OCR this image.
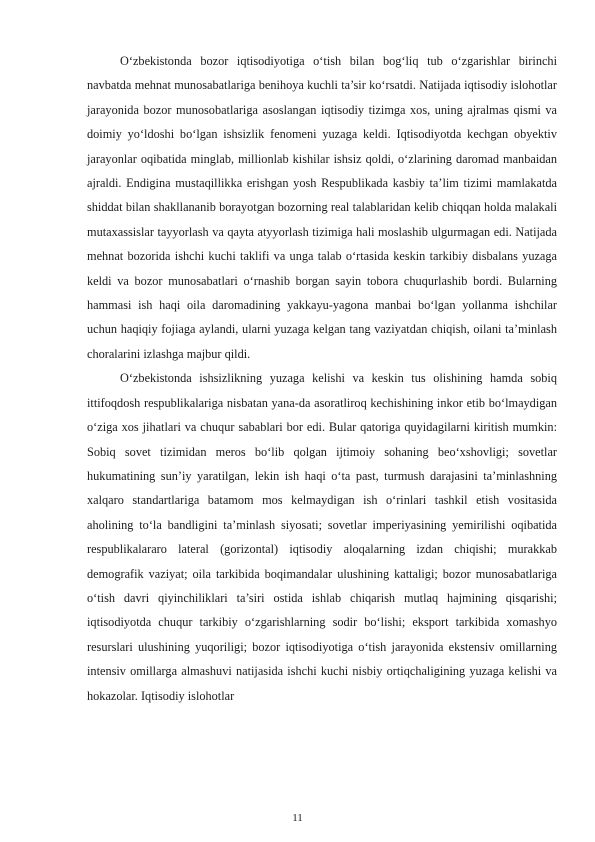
O‘zbekistonda bozor iqtisodiyotiga o‘tish bilan bog‘liq tub o‘zgarishlar birinchi navbatda mehnat munosabatlariga benihoya kuchli ta’sir ko‘rsatdi. Natijada iqtisodiy islohotlar jarayonida bozor munosobatlariga asoslangan iqtisodiy tizimga xos, uning ajralmas qismi va doimiy yo‘ldoshi bo‘lgan ishsizlik fenomeni yuzaga keldi. Iqtisodiyotda kechgan obyektiv jarayonlar oqibatida minglab, millionlab kishilar ishsiz qoldi, o‘zlarining daromad manbaidan ajraldi. Endigina mustaqillikka erishgan yosh Respublikada kasbiy ta’lim tizimi mamlakatda shiddat bilan shakllananib borayotgan bozorning real talablaridan kelib chiqqan holda malakali mutaxassislar tayyorlash va qayta atyyorlash tizimiga hali moslashib ulgurmagan edi. Natijada mehnat bozorida ishchi kuchi taklifi va unga talab o‘rtasida keskin tarkibiy disbalans yuzaga keldi va bozor munosabatlari o‘rnashib borgan sayin tobora chuqurlashib bordi. Bularning hammasi ish haqi oila daromadining yakkayu-yagona manbai bo‘lgan yollanma ishchilar uchun haqiqiy fojiaga aylandi, ularni yuzaga kelgan tang vaziyatdan chiqish, oilani ta’minlash choralarini izlashga majbur qildi.

O‘zbekistonda ishsizlikning yuzaga kelishi va keskin tus olishining hamda sobiq ittifoqdosh respublikalariga nisbatan yana-da asoratliroq kechishining inkor etib bo‘lmaydigan o‘ziga xos jihatlari va chuqur sabablari bor edi. Bular qatoriga quyidagilarni kiritish mumkin: Sobiq sovet tizimidan meros bo‘lib qolgan ijtimoiy sohaning beo‘xshovligi; sovetlar hukumatining sun’iy yaratilgan, lekin ish haqi o‘ta past, turmush darajasini ta’minlashning xalqaro standartlariga batamom mos kelmaydigan ish o‘rinlari tashkil etish vositasida aholining to‘la bandligini ta’minlash siyosati; sovetlar imperiyasining yemirilishi oqibatida respublikalararo lateral (gorizontal) iqtisodiy aloqalarning izdan chiqishi; murakkab demografik vaziyat; oila tarkibida boqimandalar ulushining kattaligi; bozor munosabatlariga o‘tish davri qiyinchiliklari ta’siri ostida ishlab chiqarish mutlaq hajmining qisqarishi; iqtisodiyotda chuqur tarkibiy o‘zgarishlarning sodir bo‘lishi; eksport tarkibida xomashyo resurslari ulushining yuqoriligi; bozor iqtisodiyotiga o‘tish jarayonida ekstensiv omillarning intensiv omillarga almashuvi natijasida ishchi kuchi nisbiy ortiqchaligining yuzaga kelishi va hokazolar. Iqtisodiy islohotlar

11
